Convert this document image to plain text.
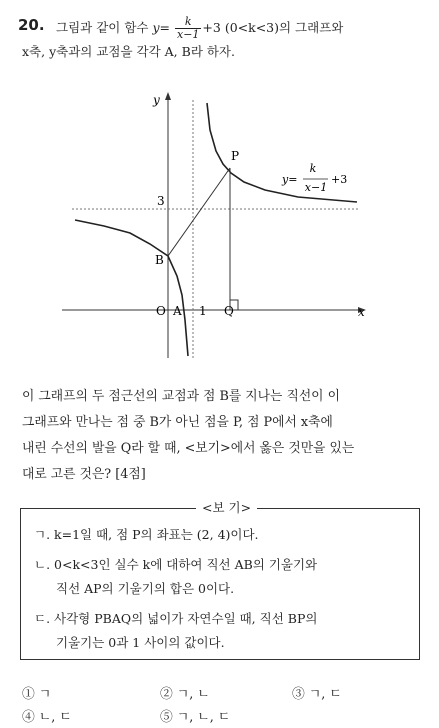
20. 그림과 같이 함수 $y= \frac{k}{x-1} +3$ (0<k<3)의 그래프와
x축, y축과의 교점을 각각 A, B라 하자.
y
x
O A 1 Q
B
P
3
y=
k
x−1
+3
이 그래프의 두 점근선의 교점과 점 B를 지나는 직선이 이
그래프와 만나는 점 중 B가 아닌 점을 P, 점 P에서 x축에
내린 수선의 발을 Q라 할 때, <보기>에서 옳은 것만을 있는
대로 고른 것은? [4점]
<보 기>
ㄱ. k=1일 때, 점 P의 좌표는 (2, 4)이다.
ㄴ. 0<k<3인 실수 k에 대하여 직선 AB의 기울기와
직선 AP의 기울기의 합은 0이다.
ㄷ. 사각형 PBAQ의 넓이가 자연수일 때, 직선 BP의
기울기는 0과 1 사이의 값이다.
① ㄱ	② ㄱ, ㄴ	③ ㄱ, ㄷ
④ ㄴ, ㄷ	⑤ ㄱ, ㄴ, ㄷ
